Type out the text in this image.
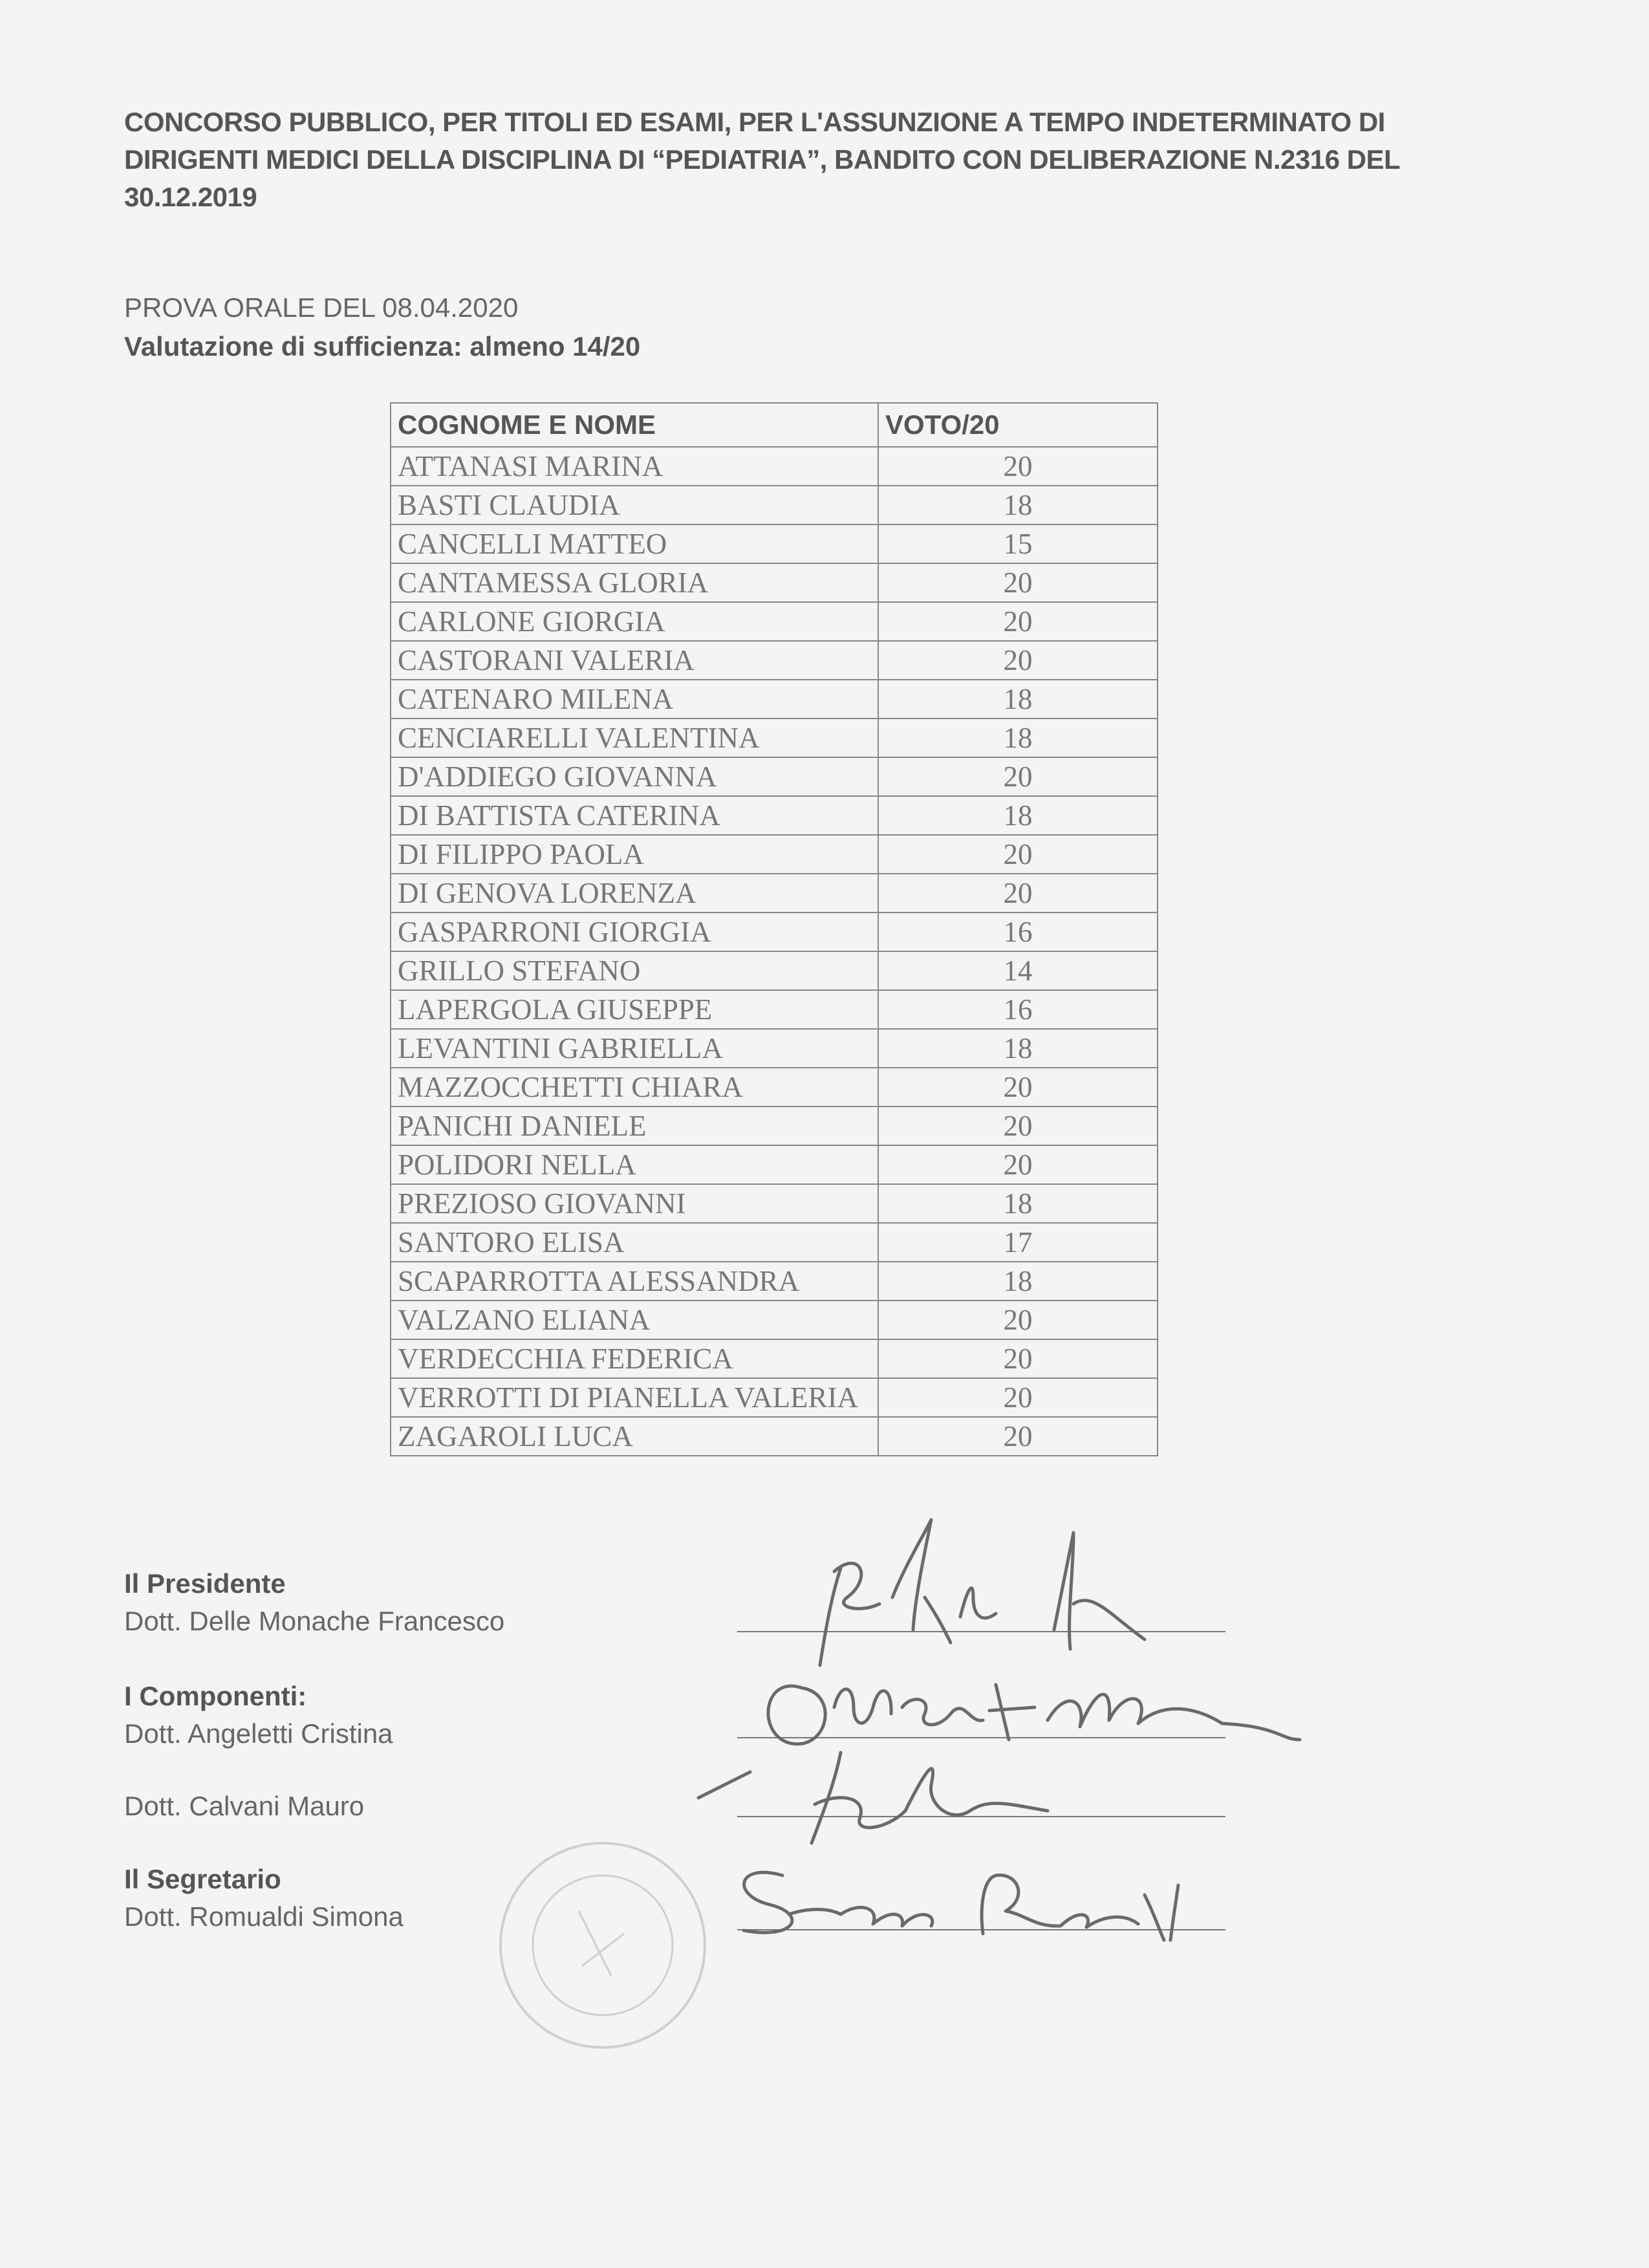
CONCORSO PUBBLICO, PER TITOLI ED ESAMI, PER L'ASSUNZIONE A TEMPO INDETERMINATO DI
DIRIGENTI MEDICI DELLA DISCIPLINA DI “PEDIATRIA”, BANDITO CON DELIBERAZIONE N.2316 DEL
30.12.2019
PROVA ORALE DEL 08.04.2020
Valutazione di sufficienza: almeno 14/20
COGNOME E NOME	VOTO/20
ATTANASI MARINA	20
BASTI CLAUDIA	18
CANCELLI MATTEO	15
CANTAMESSA GLORIA	20
CARLONE GIORGIA	20
CASTORANI VALERIA	20
CATENARO MILENA	18
CENCIARELLI VALENTINA	18
D'ADDIEGO GIOVANNA	20
DI BATTISTA CATERINA	18
DI FILIPPO PAOLA	20
DI GENOVA LORENZA	20
GASPARRONI GIORGIA	16
GRILLO STEFANO	14
LAPERGOLA GIUSEPPE	16
LEVANTINI GABRIELLA	18
MAZZOCCHETTI CHIARA	20
PANICHI DANIELE	20
POLIDORI NELLA	20
PREZIOSO GIOVANNI	18
SANTORO ELISA	17
SCAPARROTTA ALESSANDRA	18
VALZANO ELIANA	20
VERDECCHIA FEDERICA	20
VERROTTI DI PIANELLA VALERIA	20
ZAGAROLI LUCA	20
Il Presidente
Dott. Delle Monache Francesco
I Componenti:
Dott. Angeletti Cristina
Dott. Calvani Mauro
Il Segretario
Dott. Romualdi Simona
